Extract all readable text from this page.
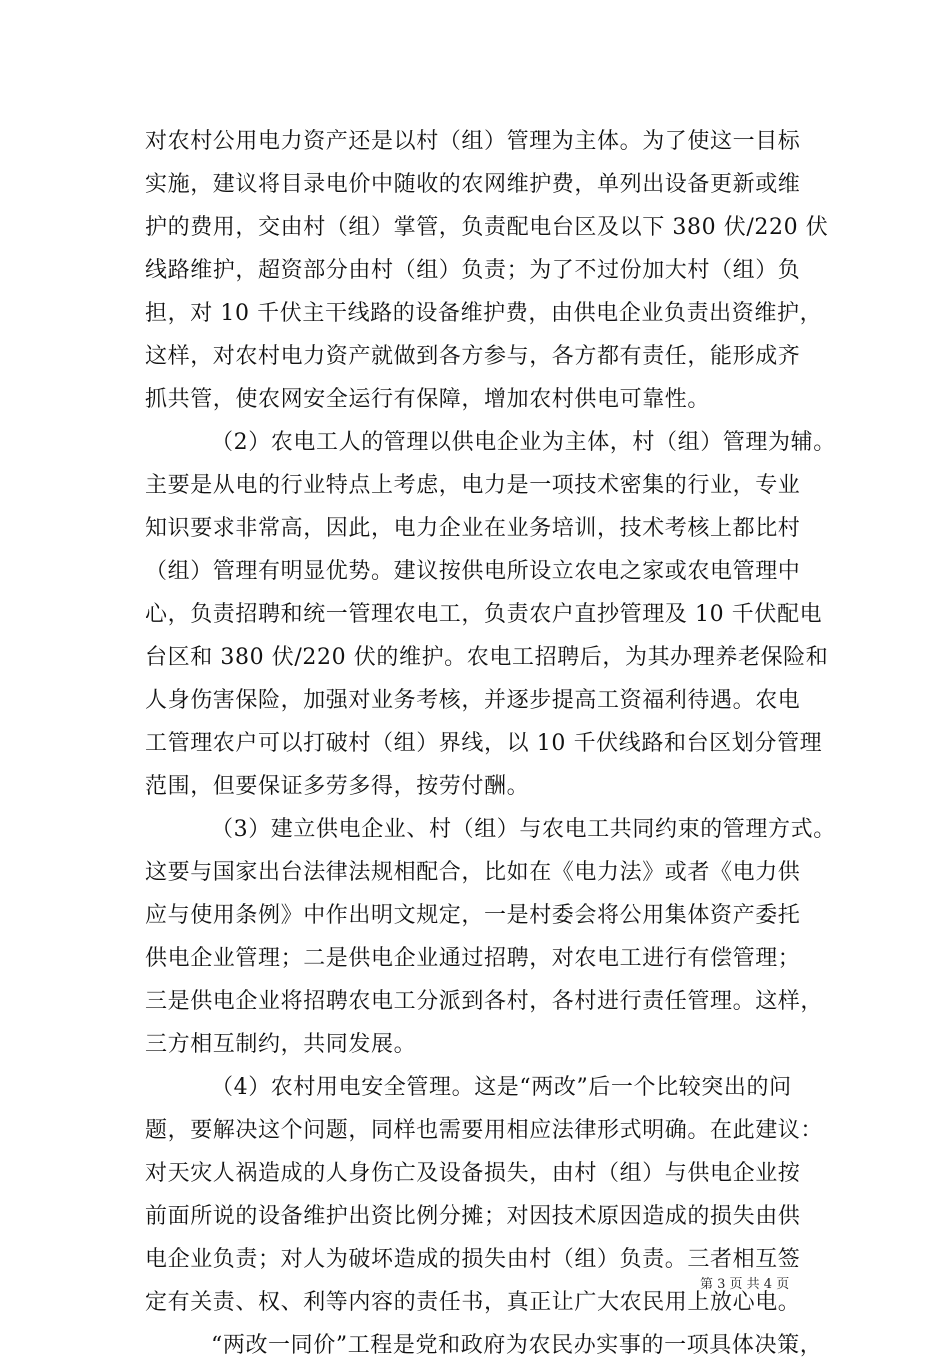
对农村公用电力资产还是以村（组）管理为主体。为了使这一目标
实施，建议将目录电价中随收的农网维护费，单列出设备更新或维
护的费用，交由村（组）掌管，负责配电台区及以下 380 伏/220 伏
线路维护，超资部分由村（组）负责；为了不过份加大村（组）负
担，对 10 千伏主干线路的设备维护费，由供电企业负责出资维护，
这样，对农村电力资产就做到各方参与，各方都有责任，能形成齐
抓共管，使农网安全运行有保障，增加农村供电可靠性。
（2）农电工人的管理以供电企业为主体，村（组）管理为辅。
主要是从电的行业特点上考虑，电力是一项技术密集的行业，专业
知识要求非常高，因此，电力企业在业务培训，技术考核上都比村
（组）管理有明显优势。建议按供电所设立农电之家或农电管理中
心，负责招聘和统一管理农电工，负责农户直抄管理及 10 千伏配电
台区和 380 伏/220 伏的维护。农电工招聘后，为其办理养老保险和
人身伤害保险，加强对业务考核，并逐步提高工资福利待遇。农电
工管理农户可以打破村（组）界线，以 10 千伏线路和台区划分管理
范围，但要保证多劳多得，按劳付酬。
（3）建立供电企业、村（组）与农电工共同约束的管理方式。
这要与国家出台法律法规相配合，比如在《电力法》或者《电力供
应与使用条例》中作出明文规定，一是村委会将公用集体资产委托
供电企业管理；二是供电企业通过招聘，对农电工进行有偿管理；
三是供电企业将招聘农电工分派到各村，各村进行责任管理。这样，
三方相互制约，共同发展。
（4）农村用电安全管理。这是“两改”后一个比较突出的问
题，要解决这个问题，同样也需要用相应法律形式明确。在此建议：
对天灾人祸造成的人身伤亡及设备损失，由村（组）与供电企业按
前面所说的设备维护出资比例分摊；对因技术原因造成的损失由供
电企业负责；对人为破坏造成的损失由村（组）负责。三者相互签
定有关责、权、利等内容的责任书，真正让广大农民用上放心电。
“两改一同价”工程是党和政府为农民办实事的一项具体决策，
第 3 页 共 4 页
